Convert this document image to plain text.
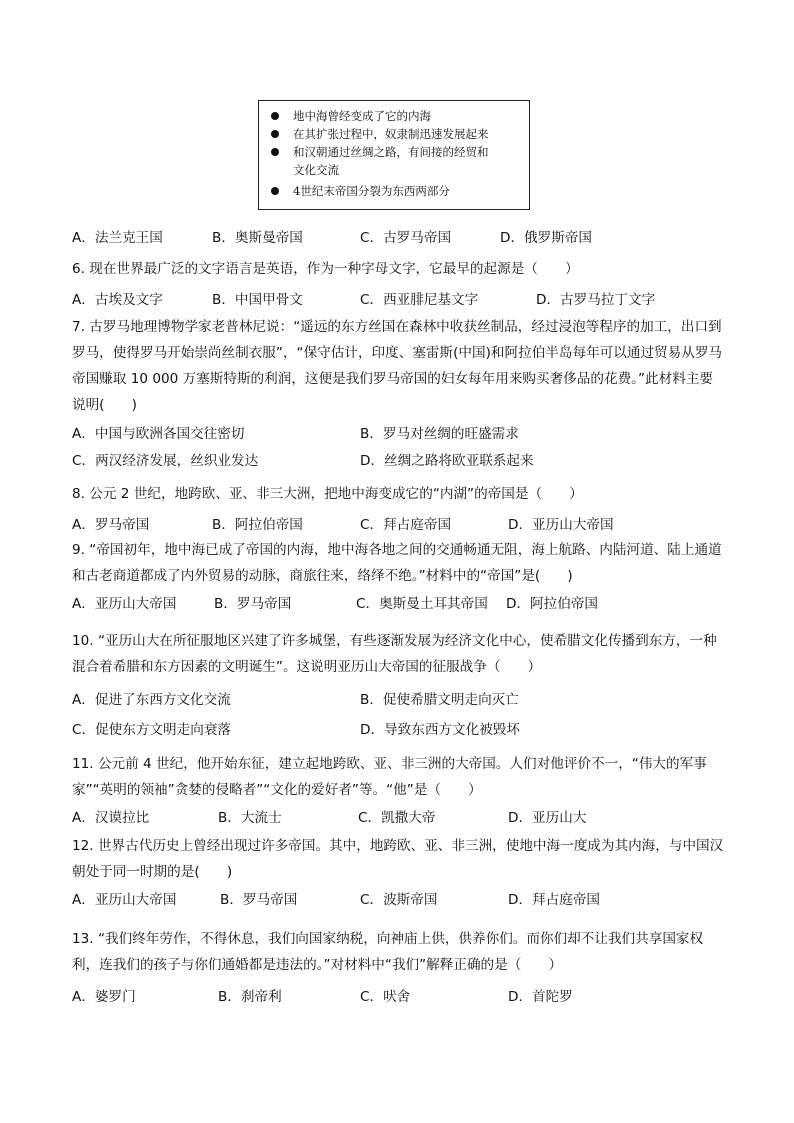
地中海曾经变成了它的内海
在其扩张过程中，奴隶制迅速发展起来
和汉朝通过丝绸之路，有间接的经贸和
文化交流
4世纪末帝国分裂为东西两部分
A．法兰克王国	B．奥斯曼帝国	C．古罗马帝国	D．俄罗斯帝国
6. 现在世界最广泛的文字语言是英语，作为一种字母文字，它最早的起源是（　　）
A．古埃及文字	B．中国甲骨文	C．西亚腓尼基文字	D．古罗马拉丁文字
7. 古罗马地理博物学家老普林尼说：“遥远的东方丝国在森林中收获丝制品，经过浸泡等程序的加工，出口到罗马，使得罗马开始崇尚丝制衣服”，“保守估计，印度、塞雷斯(中国)和阿拉伯半岛每年可以通过贸易从罗马帝国赚取 10 000 万塞斯特斯的利润，这便是我们罗马帝国的妇女每年用来购买奢侈品的花费。”此材料主要说明(　　)
A．中国与欧洲各国交往密切	B．罗马对丝绸的旺盛需求
C．两汉经济发展，丝织业发达	D．丝绸之路将欧亚联系起来
8. 公元 2 世纪，地跨欧、亚、非三大洲，把地中海变成它的“内湖”的帝国是（　　）
A．罗马帝国	B．阿拉伯帝国	C．拜占庭帝国	D．亚历山大帝国
9. “帝国初年，地中海已成了帝国的内海，地中海各地之间的交通畅通无阻，海上航路、内陆河道、陆上通道和古老商道都成了内外贸易的动脉，商旅往来，络绎不绝。”材料中的“帝国”是(　　)
A．亚历山大帝国	B．罗马帝国	C．奥斯曼土耳其帝国 D．阿拉伯帝国
10. “亚历山大在所征服地区兴建了许多城堡，有些逐渐发展为经济文化中心，使希腊文化传播到东方，一种混合着希腊和东方因素的文明诞生”。这说明亚历山大帝国的征服战争（　　）
A．促进了东西方文化交流	B．促使希腊文明走向灭亡
C．促使东方文明走向衰落	D．导致东西方文化被毁坏
11. 公元前 4 世纪，他开始东征，建立起地跨欧、亚、非三洲的大帝国。人们对他评价不一，“伟大的军事家”“英明的领袖”贪婪的侵略者”“文化的爱好者”等。“他”是（　　）
A．汉谟拉比	B．大流士	C．凯撒大帝	D．亚历山大
12. 世界古代历史上曾经出现过许多帝国。其中，地跨欧、亚、非三洲，使地中海一度成为其内海，与中国汉朝处于同一时期的是(　　)
A．亚历山大帝国	B．罗马帝国	C．波斯帝国	D．拜占庭帝国
13. “我们终年劳作，不得休息，我们向国家纳税，向神庙上供，供养你们。而你们却不让我们共享国家权利，连我们的孩子与你们通婚都是违法的。”对材料中“我们”解释正确的是（　　）
A．婆罗门	B．刹帝利	C．吠舍	D．首陀罗
